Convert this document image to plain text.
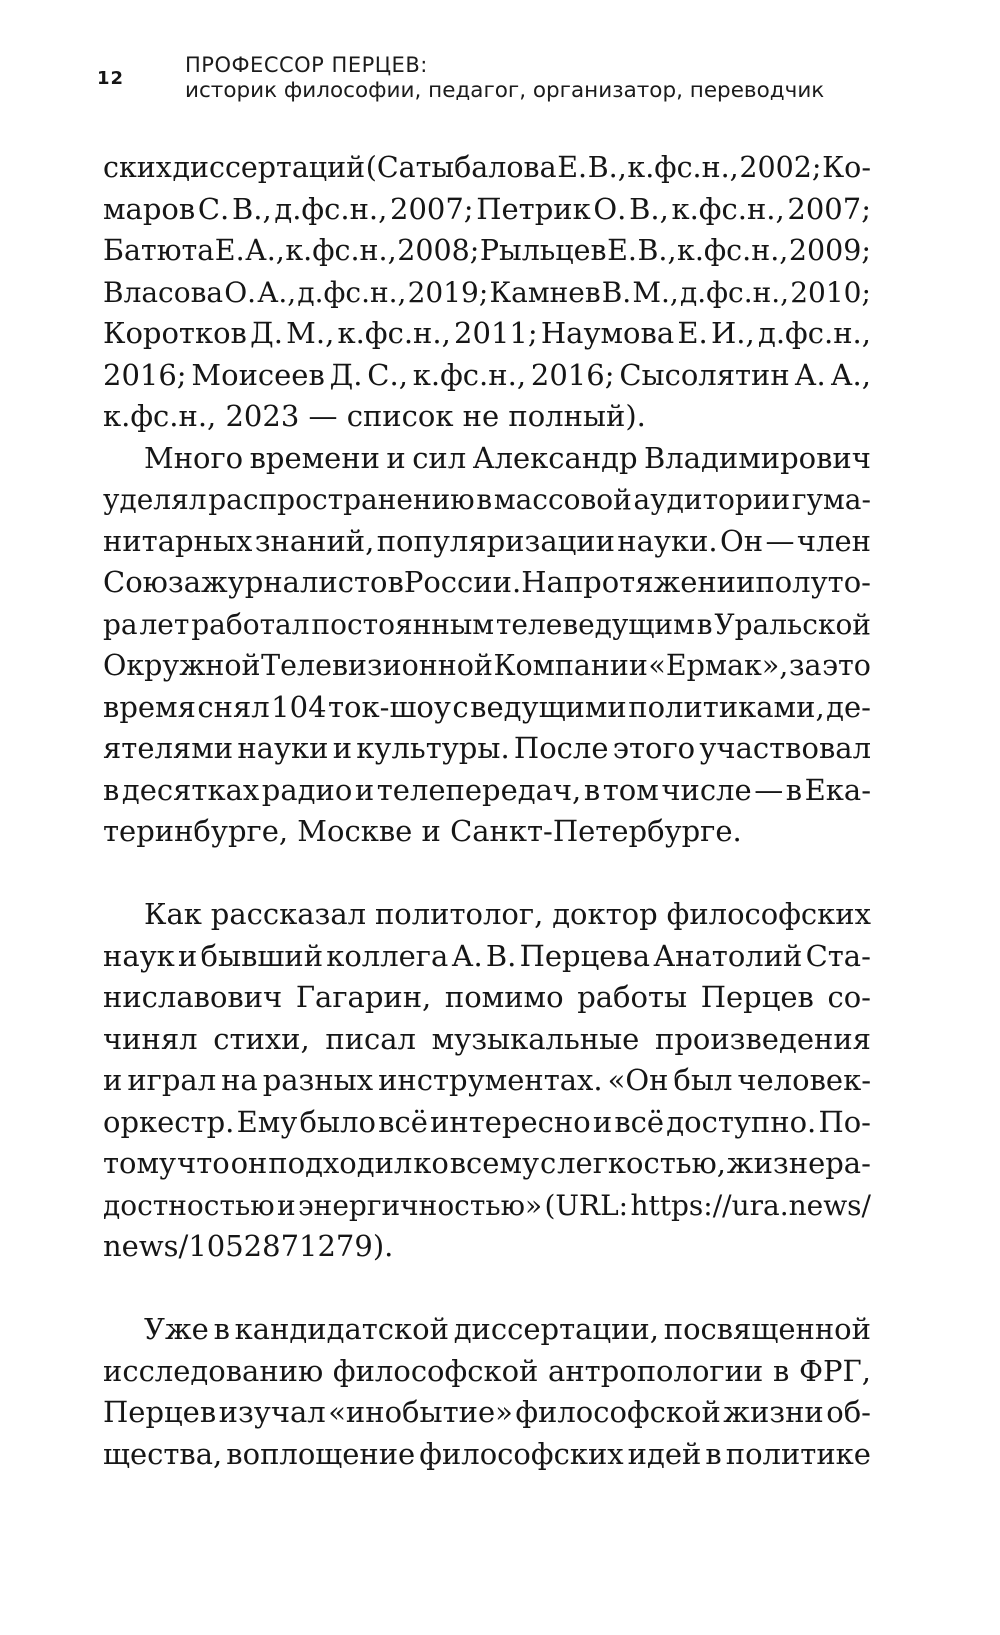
12
ПРОФЕССОР ПЕРЦЕВ:
историк философии, педагог, организатор, переводчик
ских диссертаций (Сатыбалова Е. В., к.фс.н., 2002; Ко-
маров С. В., д.фс.н., 2007; Петрик О. В., к.фс.н., 2007;
Батюта Е. А., к.фс.н., 2008; Рыльцев Е. В., к.фс.н., 2009;
Власова О. А., д.фс.н., 2019; Камнев В. М., д.фс.н., 2010;
Коротков Д. М., к.фс.н., 2011; Наумова Е. И., д.фс.н.,
2016; Моисеев Д. С., к.фс.н., 2016; Сысолятин А. А.,
к.фс.н., 2023 — список не полный).
Много времени и сил Александр Владимирович
уделял распространению в массовой аудитории гума-
нитарных знаний, популяризации науки. Он — член
Союза журналистов России. На протяжении полуто-
ра лет работал постоянным телеведущим в Уральской
Окружной Телевизионной Компании «Ермак», за это
время снял 104 ток-шоу с ведущими политиками, де-
ятелями науки и культуры. После этого участвовал
в десятках радио и телепередач, в том числе — в Ека-
теринбурге, Москве и Санкт-Петербурге.
Как рассказал политолог, доктор философских
наук и бывший коллега А. В. Перцева Анатолий Ста-
ниславович Гагарин, помимо работы Перцев со-
чинял стихи, писал музыкальные произведения
и играл на разных инструментах. «Он был человек-
оркестр. Ему было всё интересно и всё доступно. По-
тому что он подходил ко всему с легкостью, жизнера-
достностью и энергичностью» (URL: https://ura.news/
news/1052871279).
Уже в кандидатской диссертации, посвященной
исследованию философской антропологии в ФРГ,
Перцев изучал «инобытие» философской жизни об-
щества, воплощение философских идей в политике
